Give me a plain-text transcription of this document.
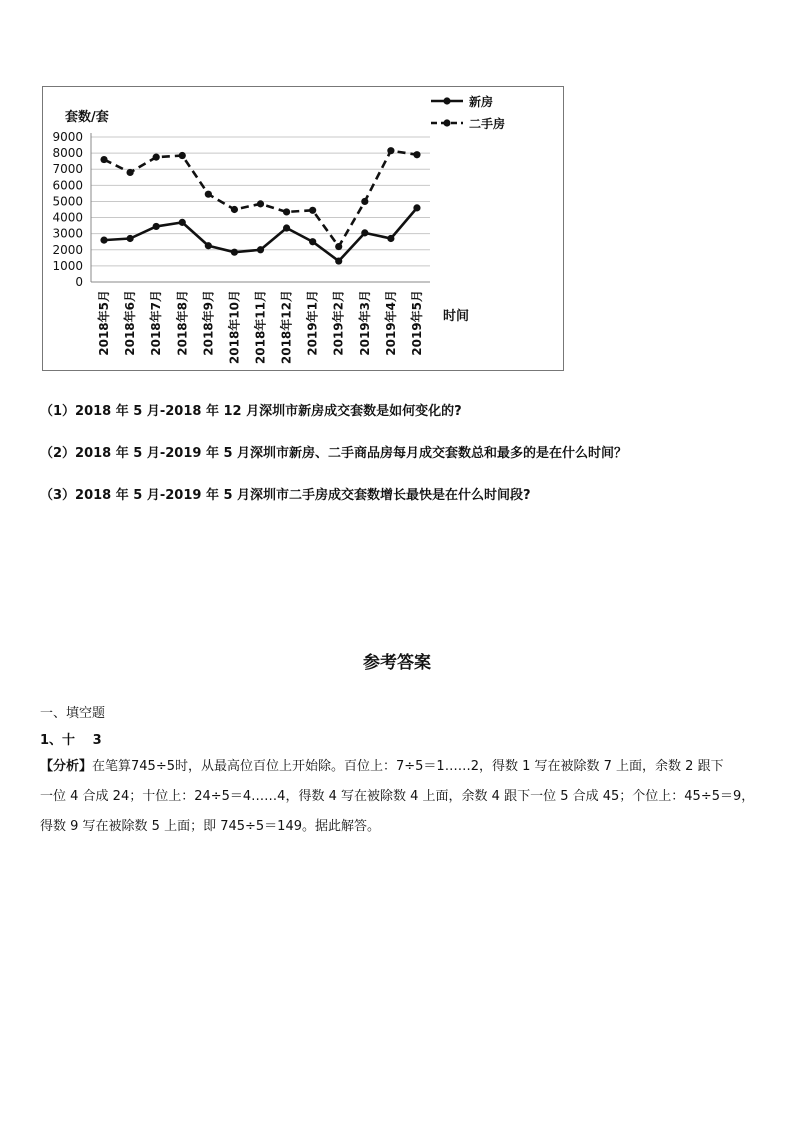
0
1000
2000
3000
4000
5000
6000
7000
8000
9000
套数/套
2018年5月 2018年6月 2018年7月 2018年8月 2018年9月 2018年10月 2018年11月 2018年12月 2019年1月 2019年2月 2019年3月 2019年4月 2019年5月 时间
新房
二手房
（1）2018 年 5 月-2018 年 12 月深圳市新房成交套数是如何变化的?
（2）2018 年 5 月-2019 年 5 月深圳市新房、二手商品房每月成交套数总和最多的是在什么时间？
（3）2018 年 5 月-2019 年 5 月深圳市二手房成交套数增长最快是在什么时间段?
参考答案
一、填空题
1、十　 3
【分析】在笔算745÷5时，从最高位百位上开始除。百位上：7÷5＝1……2，得数 1 写在被除数 7 上面，余数 2 跟下
一位 4 合成 24；十位上：24÷5＝4……4，得数 4 写在被除数 4 上面，余数 4 跟下一位 5 合成 45；个位上：45÷5＝9，
得数 9 写在被除数 5 上面；即 745÷5＝149。据此解答。
